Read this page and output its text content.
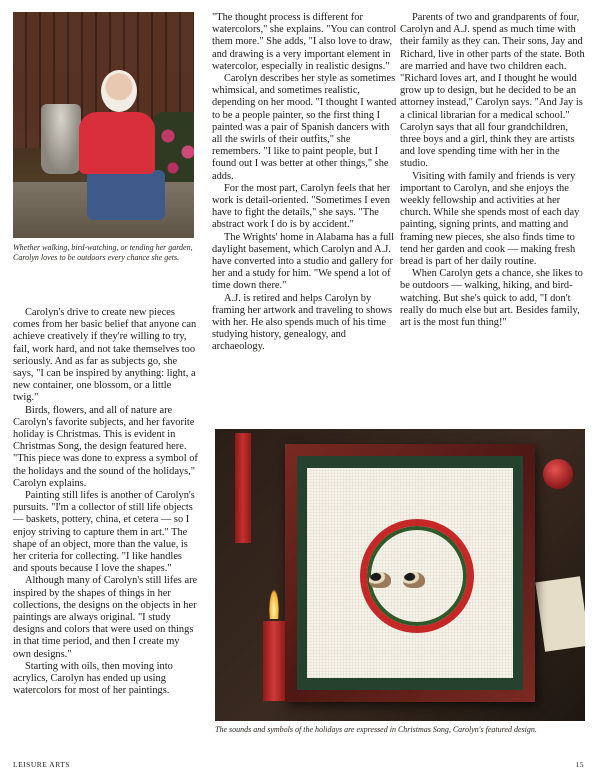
Whether walking, bird-watching, or tending her garden, Carolyn loves to be outdoors every chance she gets.

Carolyn's drive to create new pieces comes from her basic belief that anyone can achieve creatively if they're willing to try, fail, work hard, and not take themselves too seriously. And as far as subjects go, she says, "I can be inspired by anything: light, a new container, one blossom, or a little twig."

Birds, flowers, and all of nature are Carolyn's favorite subjects, and her favorite holiday is Christmas. This is evident in Christmas Song, the design featured here. "This piece was done to express a symbol of the holidays and the sound of the holidays," Carolyn explains.

Painting still lifes is another of Carolyn's pursuits. "I'm a collector of still life objects — baskets, pottery, china, et cetera — so I enjoy striving to capture them in art." The shape of an object, more than the value, is her criteria for collecting. "I like handles and spouts because I love the shapes."

Although many of Carolyn's still lifes are inspired by the shapes of things in her collections, the designs on the objects in her paintings are always original. "I study designs and colors that were used on things in that time period, and then I create my own designs."

Starting with oils, then moving into acrylics, Carolyn has ended up using watercolors for most of her paintings.

"The thought process is different for watercolors," she explains. "You can control them more." She adds, "I also love to draw, and drawing is a very important element in watercolor, especially in realistic designs."

Carolyn describes her style as sometimes whimsical, and sometimes realistic, depending on her mood. "I thought I wanted to be a people painter, so the first thing I painted was a pair of Spanish dancers with all the swirls of their outfits," she remembers. "I like to paint people, but I found out I was better at other things," she adds.

For the most part, Carolyn feels that her work is detail-oriented. "Sometimes I even have to fight the details," she says. "The abstract work I do is by accident."

The Wrights' home in Alabama has a full daylight basement, which Carolyn and A.J. have converted into a studio and gallery for her and a study for him. "We spend a lot of time down there."

A.J. is retired and helps Carolyn by framing her artwork and traveling to shows with her. He also spends much of his time studying history, genealogy, and archaeology.

Parents of two and grandparents of four, Carolyn and A.J. spend as much time with their family as they can. Their sons, Jay and Richard, live in other parts of the state. Both are married and have two children each. "Richard loves art, and I thought he would grow up to design, but he decided to be an attorney instead," Carolyn says. "And Jay is a clinical librarian for a medical school." Carolyn says that all four grandchildren, three boys and a girl, think they are artists and love spending time with her in the studio.

Visiting with family and friends is very important to Carolyn, and she enjoys the weekly fellowship and activities at her church. While she spends most of each day painting, signing prints, and matting and framing new pieces, she also finds time to tend her garden and cook — making fresh bread is part of her daily routine.

When Carolyn gets a chance, she likes to be outdoors — walking, hiking, and bird-watching. But she's quick to add, "I don't really do much else but art. Besides family, art is the most fun thing!"

The sounds and symbols of the holidays are expressed in Christmas Song, Carolyn's featured design.
LEISURE ARTS	15
